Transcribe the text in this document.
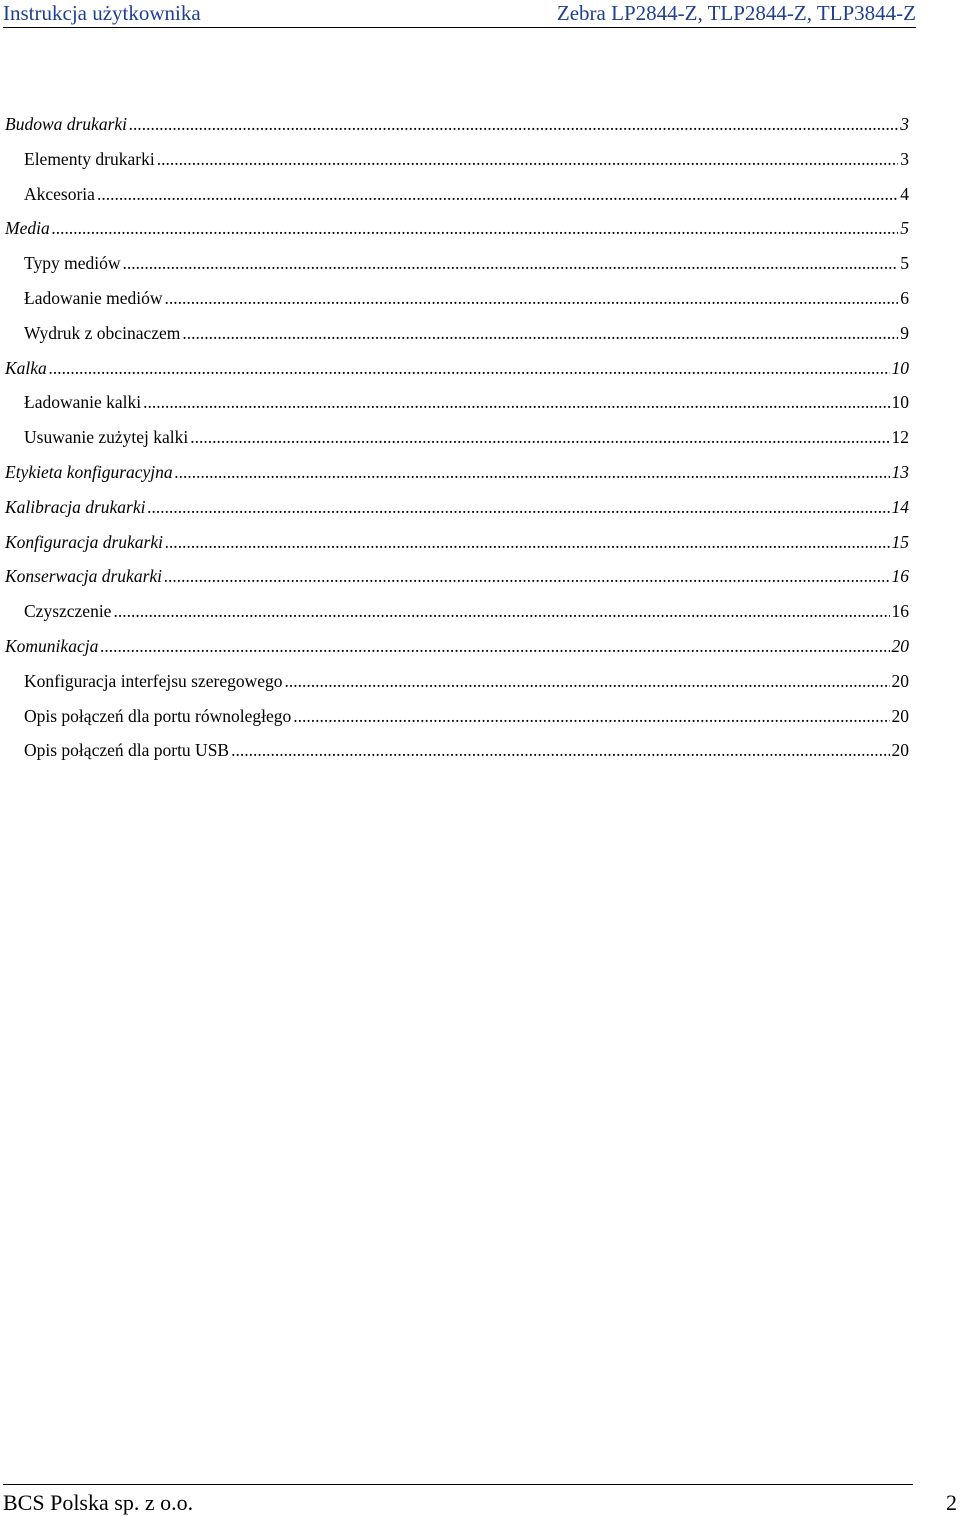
Instrukcja użytkownika	Zebra LP2844-Z, TLP2844-Z, TLP3844-Z
Budowa drukarki .....	3
Elementy drukarki .....	3
Akcesoria .....	4
Media .....	5
Typy mediów .....	5
Ładowanie mediów .....	6
Wydruk z obcinaczem .....	9
Kalka .....	10
Ładowanie kalki .....	10
Usuwanie zużytej kalki .....	12
Etykieta konfiguracyjna .....	13
Kalibracja drukarki .....	14
Konfiguracja drukarki .....	15
Konserwacja drukarki .....	16
Czyszczenie .....	16
Komunikacja .....	20
Konfiguracja interfejsu szeregowego .....	20
Opis połączeń dla portu równoległego .....	20
Opis połączeń dla portu USB .....	20
BCS Polska sp. z o.o.	2
